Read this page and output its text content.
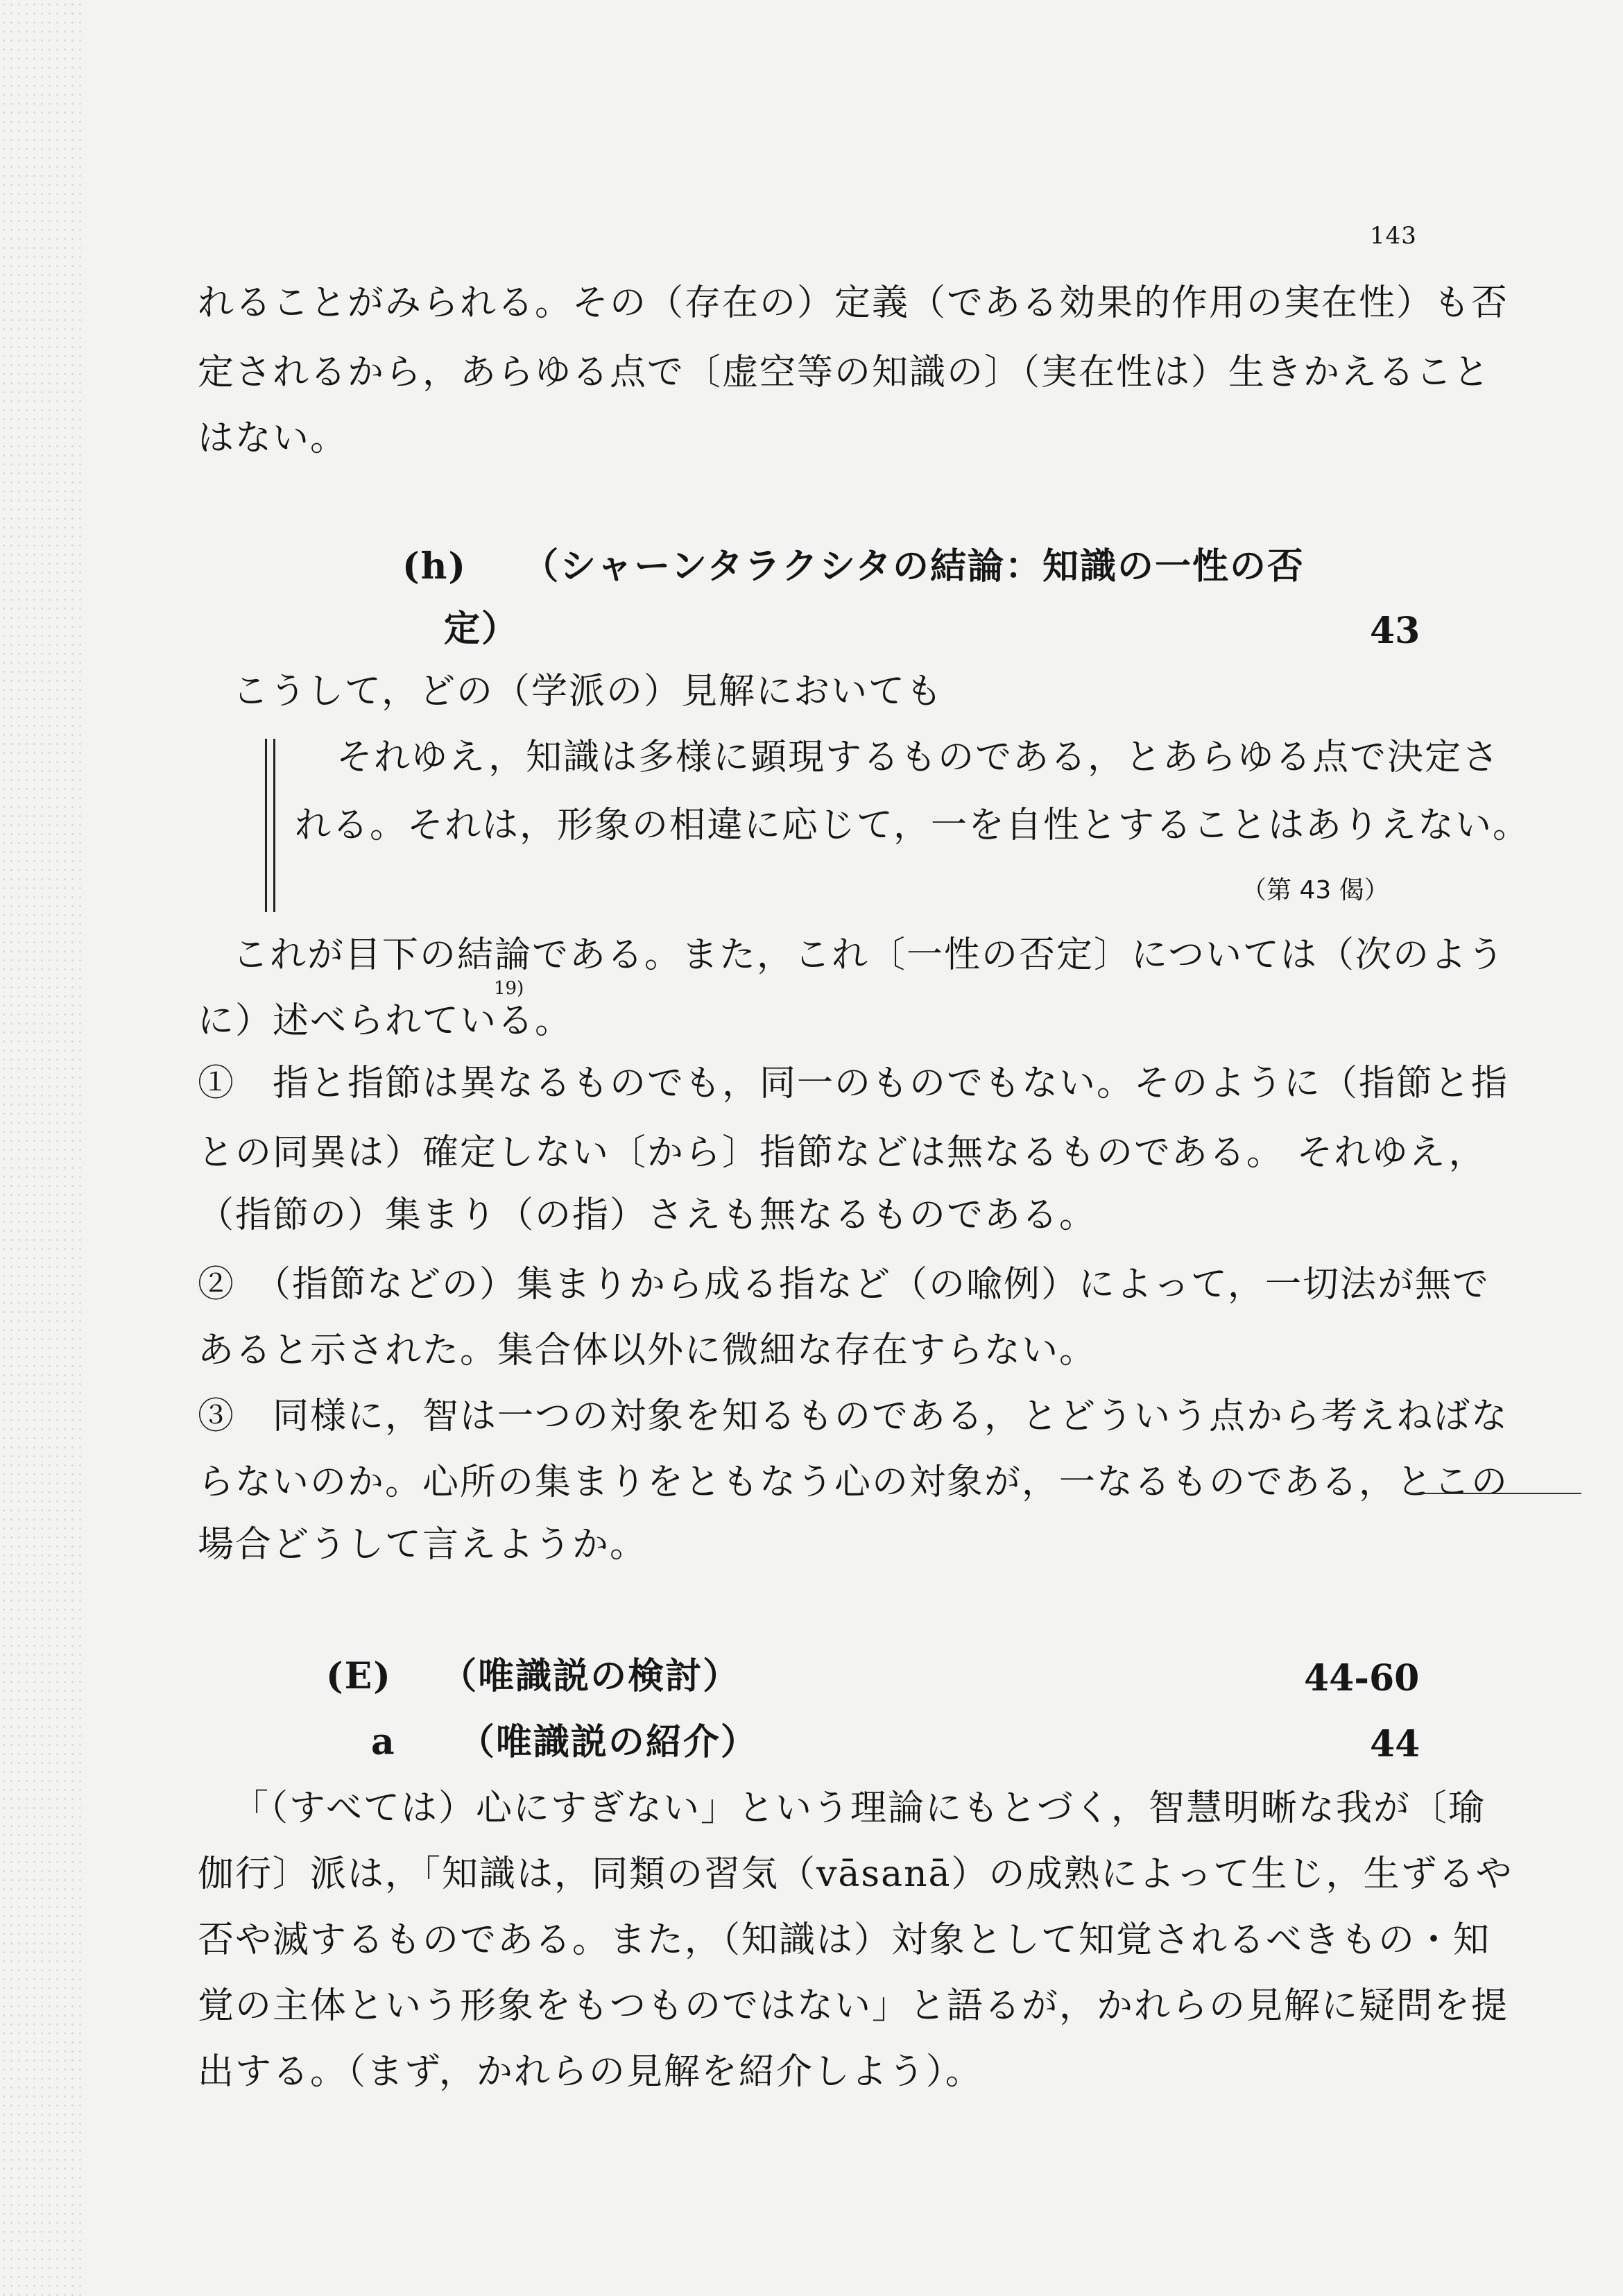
143
れることがみられる。その（存在の）定義（である効果的作用の実在性）も否
定されるから，あらゆる点で〔虚空等の知識の〕（実在性は）生きかえること
はない。
(h) （シャーンタラクシタの結論：知識の一性の否
定）	43
こうして，どの（学派の）見解においても
それゆえ，知識は多様に顕現するものである，とあらゆる点で決定さ
れる。それは，形象の相違に応じて，一を自性とすることはありえない。
（第 43 偈）
これが目下の結論である。また，これ〔一性の否定〕については（次のよう
19)
に）述べられている。
①　指と指節は異なるものでも，同一のものでもない。そのように（指節と指
との同異は）確定しない〔から〕指節などは無なるものである。 それゆえ，
（指節の）集まり（の指）さえも無なるものである。
②　（指節などの）集まりから成る指など（の喩例）によって，一切法が無で
あると示された。集合体以外に微細な存在すらない。
③　同様に，智は一つの対象を知るものである，とどういう点から考えねばな
らないのか。心所の集まりをともなう心の対象が，一なるものである，とこの
場合どうして言えようか。
(E) （唯識説の検討）	44-60
a （唯識説の紹介）	44
「（すべては）心にすぎない」という理論にもとづく，智慧明晰な我が〔瑜
伽行〕派は，「知識は，同類の習気（vāsanā）の成熟によって生じ，生ずるや
否や滅するものである。また，（知識は）対象として知覚されるべきもの・知
覚の主体という形象をもつものではない」と語るが，かれらの見解に疑問を提
出する。（まず，かれらの見解を紹介しよう）。
